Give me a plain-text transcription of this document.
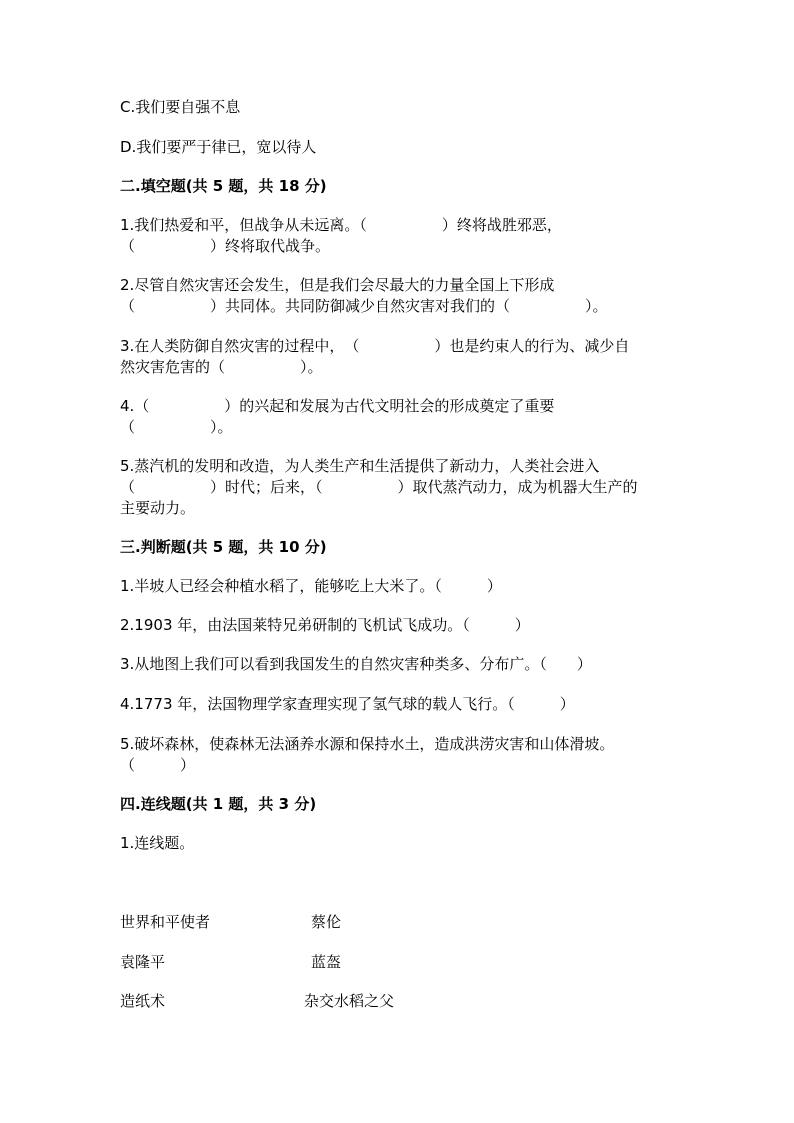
C.我们要自强不息
D.我们要严于律已，宽以待人
二.填空题(共 5 题，共 18 分)
1.我们热爱和平，但战争从未远离。（　　　　　）终将战胜邪恶，
（　　　　　）终将取代战争。
2.尽管自然灾害还会发生，但是我们会尽最大的力量全国上下形成
（　　　　　）共同体。共同防御减少自然灾害对我们的（　　　　　）。
3.在人类防御自然灾害的过程中，　（　　　　　）也是约束人的行为、减少自
然灾害危害的（　　　　　）。
4.（　　　　　）的兴起和发展为古代文明社会的形成奠定了重要
（　　　　　）。
5.蒸汽机的发明和改造，为人类生产和生活提供了新动力，人类社会进入
（　　　　　）时代；后来，（　　　　　）取代蒸汽动力，成为机器大生产的
主要动力。
三.判断题(共 5 题，共 10 分)
1.半坡人已经会种植水稻了，能够吃上大米了。（　　　）
2.1903 年，由法国莱特兄弟研制的飞机试飞成功。（　　　）
3.从地图上我们可以看到我国发生的自然灾害种类多、分布广。（　　）
4.1773 年，法国物理学家查理实现了氢气球的载人飞行。（　　　）
5.破坏森林，使森林无法涵养水源和保持水土，造成洪涝灾害和山体滑坡。
（　　　）
四.连线题(共 1 题，共 3 分)
1.连线题。
世界和平使者	蔡伦
袁隆平	蓝盔
造纸术	杂交水稻之父
